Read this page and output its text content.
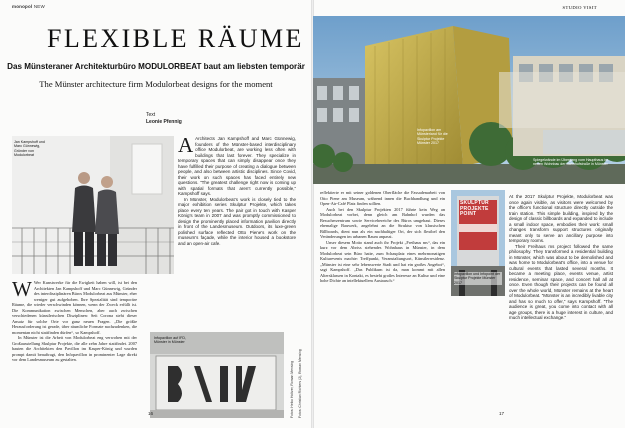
monopol NEW
FLEXIBLE RÄUME
Das Münsteraner Architekturbüro MODULORBEAT baut am liebsten temporär
The Münster architecture firm Modulorbeat designs for the moment
Text
Leonie Pfennig
Jan Kampshoff und Marc Günnewig, Gründer von Modulorbeat
W Wer Kunstwerke für die Ewigkeit haben will, ist bei den Architekten Jan Kampshoff und Marc Günnewig, Gründer des interdisziplinären Büros Modulorbeat aus Münster, eher weniger gut aufgehoben. Ihre Spezialität sind temporäre Räume, die wieder verschwinden können, wenn der Zweck erfüllt ist. Die Kommunikation zwischen Menschen, aber auch zwischen verschiedenen künstlerischen Disziplinen: Seit Corona steht dieser Ansatz für solche Orte vor ganz neuen Fragen. „Die größte Herausforderung ist gerade, über räumliche Formate nachzudenken, die momentan nicht stattfinden dürfen“, so Kampshoff.
In Münster ist die Arbeit von Modulorbeat eng verwoben mit der Großausstellung Skulptur Projekte, die alle zehn Jahre stattfindet. 2007 bauten die Architekten den Pavillon im Kasper-König und wurden prompt damit beauftragt, den Infopavillon in prominenter Lage direkt vor dem Landesmuseum zu gestalten.
A Architects Jan Kampshoff and Marc Günnewig, founders of the Münster-based interdisciplinary office Modulorbeat, are working less often with buildings that last forever. They specialize in temporary spaces that can simply disappear once they have fulfilled their purpose of creating a dialogue between people, and also between artistic disciplines. Since Covid, their work on such spaces has faced entirely new questions. “The greatest challenge right now is coming up with spatial formats that aren’t currently possible,” Kampshoff says.
In Münster, Modulorbeat’s work is closely tied to the major exhibition series Skulptur Projekte, which takes place every ten years. The pair got in touch with Kasper König’s team in 2007 and was promptly commissioned to design the prominently placed information pavilion directly in front of the Landesmuseum. Outdoors, its luxe-green polished surface reflected Otto Piene’s work on the museum’s façade, while the interior housed a bookstore and an open-air cafe.
Infopavillon auf IFD, Münster in Münster
Fotos: Heiko Holtzer, Roman Mensing Fotos: Christian Richters (2), Roman Mensing
16
STUDIO VISIT
Infopavillon am Münsterland für die Skulptur Projekte Münster 2017
Spiegelwände im Übergang vom Haupthaus im neuen Wohnbau der Bahnhofstraße in Münster
reflektierte er mit seiner goldenen Oberfläche die Fassadenarbeit von Otto Piene am Museum, während innen die Buchhandlung und ein Open-Air-Café Platz finden sollten.
Auch bei den Skulptur Projekten 2017 führte kein Weg an Modulorbeat vorbei, denn gleich am Bahnhof wurden das Besucherzentrum sowie Servicebereiche des Büros umgebaut. Dieses ehemalige Bauwerk, angelehnt an die Struktur von klassischen Billboards, dient nun als ein nachhaltiger Ort, der sich flexibel den Veränderungen im urbanen Raum anpasst.
Unser diesem Motto stand auch ihr Projekt „Freihaus ms“, das ein kurz vor dem Abriss stehendes Wohnhaus in Münster, in dem Modulorbeat sein Büro hatte, zum Schauplatz eines mehrmonatigen Kulturevents machte: Treffpunkt, Veranstaltungsort, Künstlerresidenz. „Münster ist eine sehr lebenswerte Stadt und hat ein großes Angebot“, sagt Kampshoff. „Das Publikum ist da, man kommt mit allen Altersklassen in Kontakt, es besteht großes Interesse an Kultur und eine hohe Dichte an intellektuellem Austausch.“
SKULPTUR PROJEKTE POINT
Infopavillon und Infopoint der Skulptur Projekte Münster 2017
At the 2017 Skulptur Projekte, Modulorbeat was once again visible, as visitors were welcomed by the office’s functional structure directly outside the train station. This simple building, inspired by the design of classic billboards and expanded to include a small indoor space, embodies their work: small changes transform support structures originally meant only to serve an ancillary purpose into temporary rooms.
Their Freihaus ms project followed the same philosophy. They transformed a residential building in Münster, which was about to be demolished and was home to Modulorbeat’s office, into a venue for cultural events that lasted several months. It became a meeting place, events venue, artist residence, seminar space, and concert hall all at once. Even though their projects can be found all over the whole world, Münster remains at the heart of Modulorbeat. “Münster is an incredibly livable city and has so much to offer,” says Kampshoff. “The audience is great, you come into contact with all age groups, there is a huge interest in culture, and much intellectual exchange.”
17
